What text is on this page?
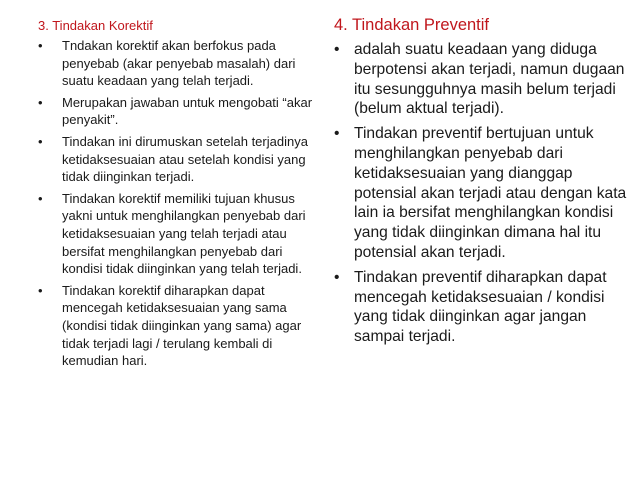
3. Tindakan Korektif

• Tndakan korektif akan berfokus pada penyebab (akar penyebab masalah) dari suatu keadaan yang telah terjadi.
• Merupakan jawaban untuk mengobati “akar penyakit”.
• Tindakan ini dirumuskan setelah terjadinya ketidaksesuaian atau setelah kondisi yang tidak diinginkan terjadi.
• Tindakan korektif memiliki tujuan khusus yakni untuk menghilangkan penyebab dari ketidaksesuaian yang telah terjadi atau bersifat menghilangkan penyebab dari kondisi tidak diinginkan yang telah terjadi.
• Tindakan korektif diharapkan dapat mencegah ketidaksesuaian yang sama (kondisi tidak diinginkan yang sama) agar tidak terjadi lagi / terulang kembali di kemudian hari.

4. Tindakan Preventif

• adalah suatu keadaan yang diduga berpotensi akan terjadi, namun dugaan itu sesungguhnya masih belum terjadi (belum aktual terjadi).
• Tindakan preventif bertujuan untuk menghilangkan penyebab dari ketidaksesuaian yang dianggap potensial akan terjadi atau dengan kata lain ia bersifat menghilangkan kondisi yang tidak diinginkan dimana hal itu potensial akan terjadi.
• Tindakan preventif diharapkan dapat mencegah ketidaksesuaian / kondisi yang tidak diinginkan agar jangan sampai terjadi.
